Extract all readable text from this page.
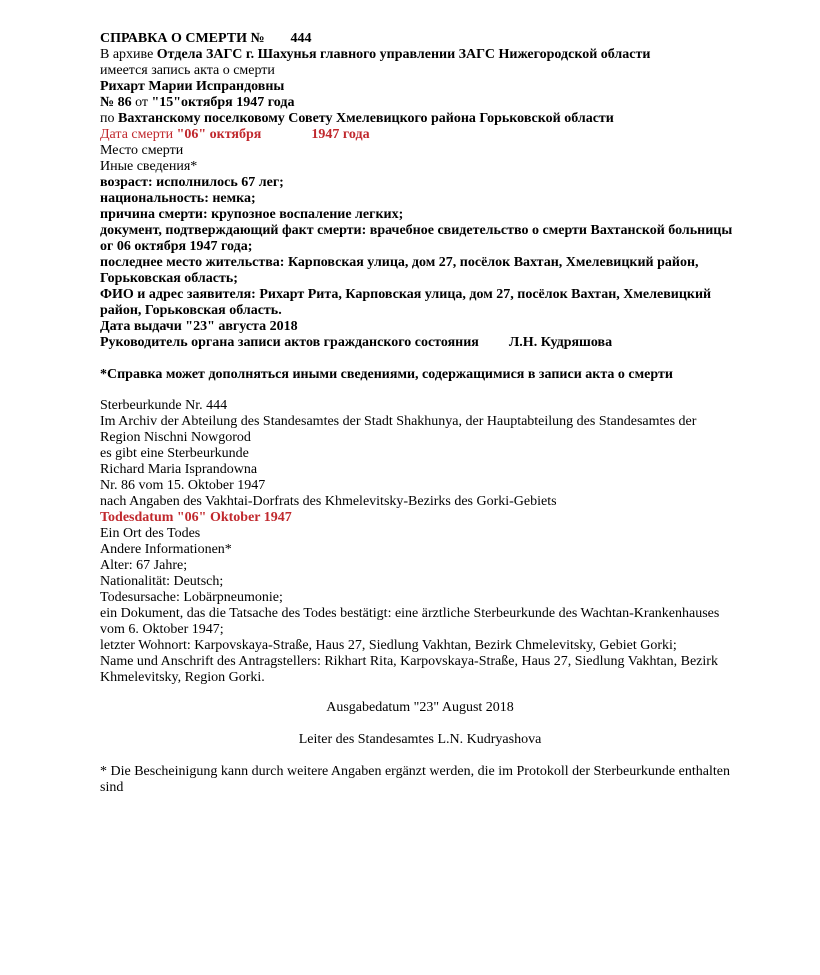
СПРАВКА О СМЕРТИ № 444
В архиве Отдела ЗАГС г. Шахунья главного управлении ЗАГС Нижегородской области
имеется запись акта о смерти
Рихарт Марии Испрандовны
№ 86 от "15"октября 1947 года
по Вахтанскому поселковому Совету Хмелевицкого района Горьковской области
Дата смерти "06" октября	1947 года
Место смерти
Иные сведения*
возраст: исполнилось 67 лег;
национальность: немка;
причина смерти: крупозное воспаление легких;
документ, подтверждающий факт смерти: врачебное свидетельство о смерти Вахтанской больницы ог 06 октября 1947 года;
последнее место жительства: Карповская улица, дом 27, посёлок Вахтан, Хмелевицкий район, Горьковская область;
ФИО и адрес заявителя: Рихарт Рита, Карповская улица, дом 27, посёлок Вахтан, Хмелевицкий район, Горьковская область.
Дата выдачи "23" августа 2018
Руководитель органа записи актов гражданского состояния Л.Н. Кудряшова
*Справка может дополняться иными сведениями, содержащимися в записи акта о смерти
Sterbeurkunde Nr. 444
Im Archiv der Abteilung des Standesamtes der Stadt Shakhunya, der Hauptabteilung des Standesamtes der Region Nischni Nowgorod
es gibt eine Sterbeurkunde
Richard Maria Isprandowna
Nr. 86 vom 15. Oktober 1947
nach Angaben des Vakhtai-Dorfrats des Khmelevitsky-Bezirks des Gorki-Gebiets
Todesdatum "06" Oktober 1947
Ein Ort des Todes
Andere Informationen*
Alter: 67 Jahre;
Nationalität: Deutsch;
Todesursache: Lobärpneumonie;
ein Dokument, das die Tatsache des Todes bestätigt: eine ärztliche Sterbeurkunde des Wachtan-Krankenhauses vom 6. Oktober 1947;
letzter Wohnort: Karpovskaya-Straße, Haus 27, Siedlung Vakhtan, Bezirk Chmelevitsky, Gebiet Gorki;
Name und Anschrift des Antragstellers: Rikhart Rita, Karpovskaya-Straße, Haus 27, Siedlung Vakhtan, Bezirk Khmelevitsky, Region Gorki.
Ausgabedatum "23" August 2018
Leiter des Standesamtes L.N. Kudryashova
* Die Bescheinigung kann durch weitere Angaben ergänzt werden, die im Protokoll der Sterbeurkunde enthalten sind
